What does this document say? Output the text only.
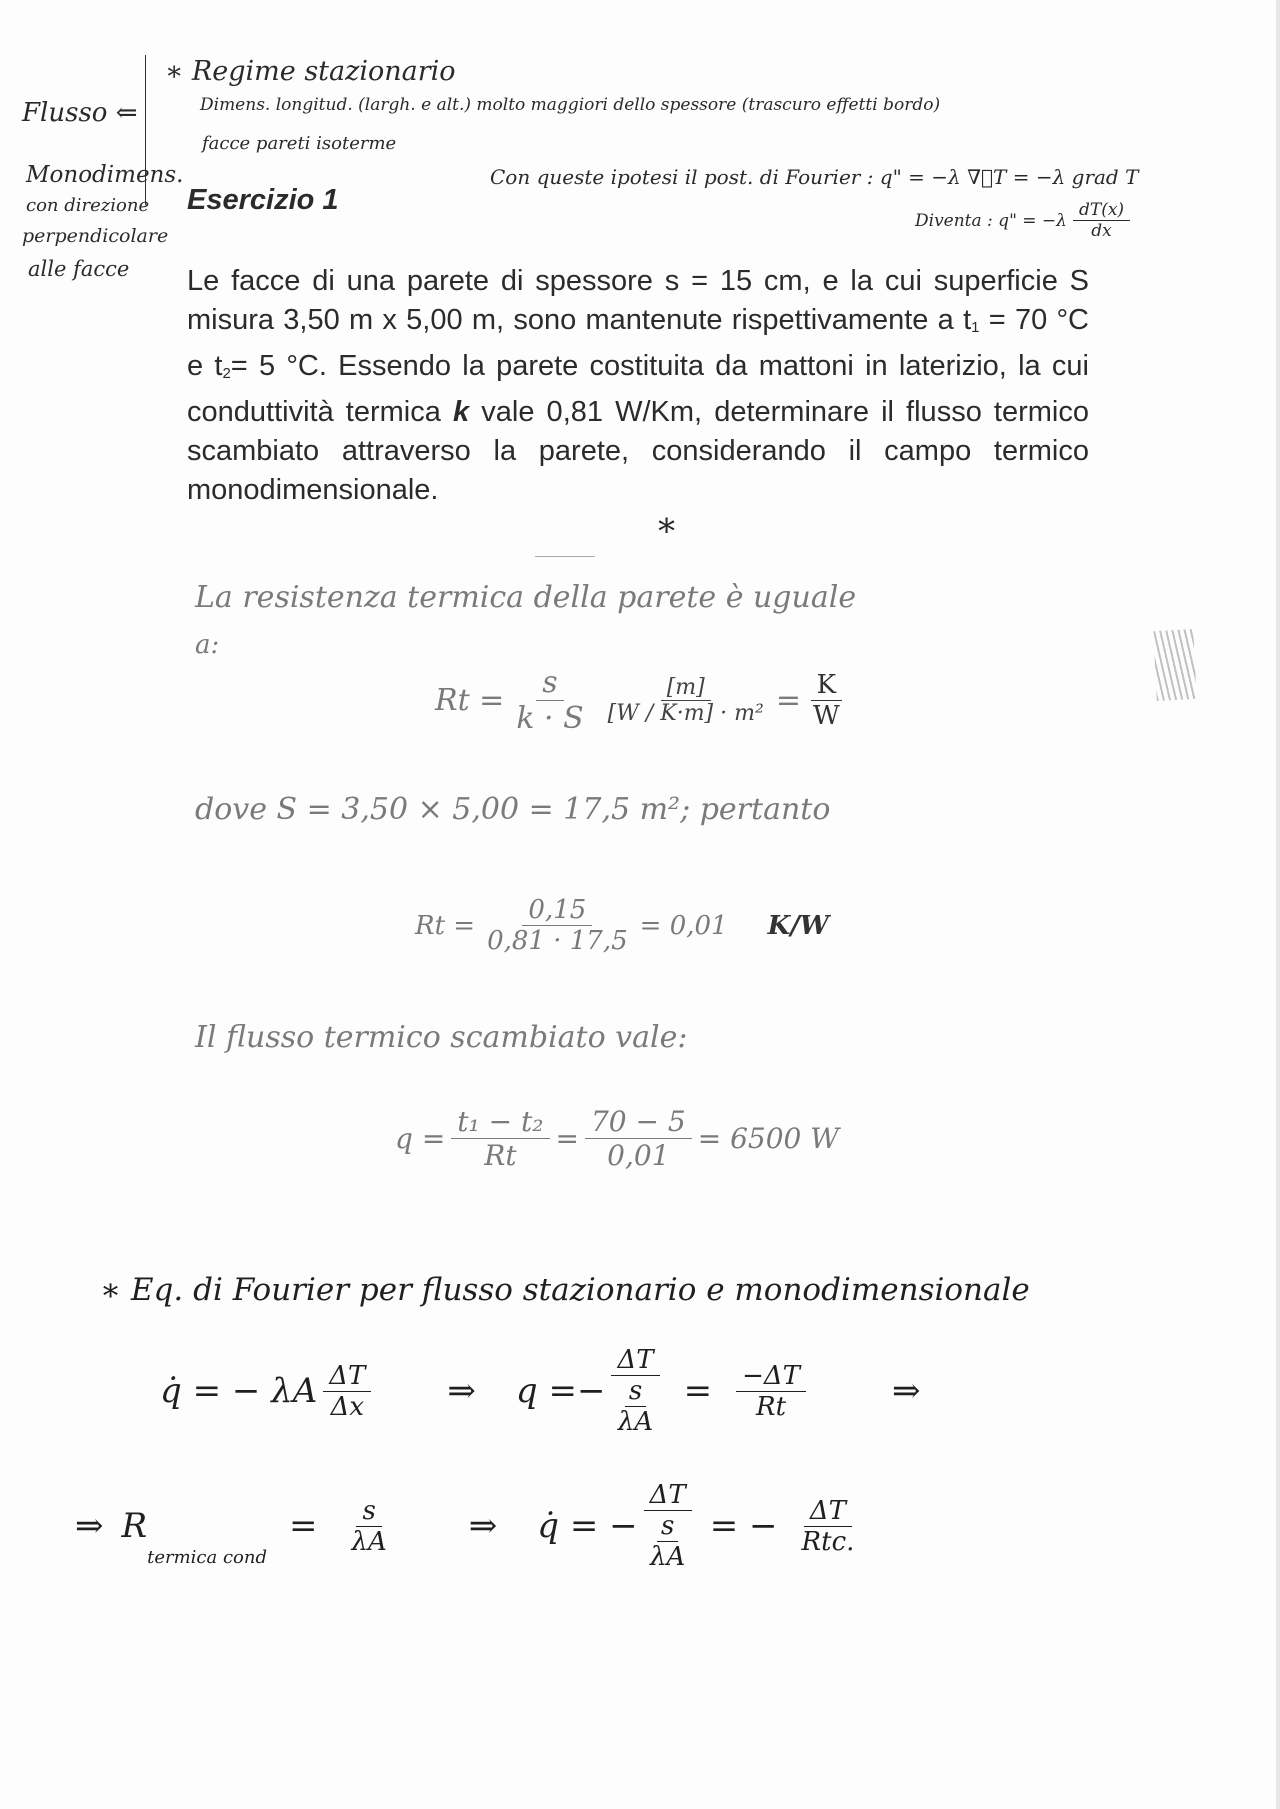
Flusso ⇐
Monodimens.
con direzione
perpendicolare
alle facce
∗ Regime stazionario
Dimens. longitud. (largh. e alt.) molto maggiori dello spessore (trascuro effetti bordo)
facce pareti isoterme
Con queste ipotesi il post. di Fourier : q" = −λ ∇⃗T = −λ grad T
Diventa : q" = $-\lambda \frac{dT(x)}{dx}$
Esercizio 1
Le facce di una parete di spessore s = 15 cm, e la cui superficie S misura 3,50 m x 5,00 m, sono mantenute rispettivamente a $t_1 = 70$ °C e $t_2= 5$ °C. Essendo la parete costituita da mattoni in laterizio, la cui conduttività termica k vale 0,81 W/Km, determinare il flusso termico scambiato attraverso la parete, considerando il campo termico monodimensionale.
∗
La resistenza termica della parete è uguale
a:
$Rt = \frac{s}{k \cdot S} \frac{[m]}{\text{[W / K·m] · m²}} = \frac{K}{W}$
dove S = 3,50 × 5,00 = 17,5 m²; pertanto
$Rt = \frac{0,15}{0,81 \cdot 17,5} = 0,01$ K/W
Il flusso termico scambiato vale:
$q = \frac{\text{t₁ − t₂}}{Rt} = \frac{70 - 5}{0,01} = 6500$ W
∗ Eq. di Fourier per flusso stazionario e monodimensionale
q̇ = − λA $\frac{\Delta T}{\Delta x}$ ⇒ q = − $\frac{\Delta T}{\frac{s}{\lambda A}} = \frac{-\Delta T}{Rt}$	⇒
⇒ R
termica cond
= $\frac{s}{\lambda A}$ ⇒ q̇ = − $\frac{\Delta T}{\frac{s}{\lambda A}}$ = − $\frac{\Delta T}{\text{Rtc.}}$
